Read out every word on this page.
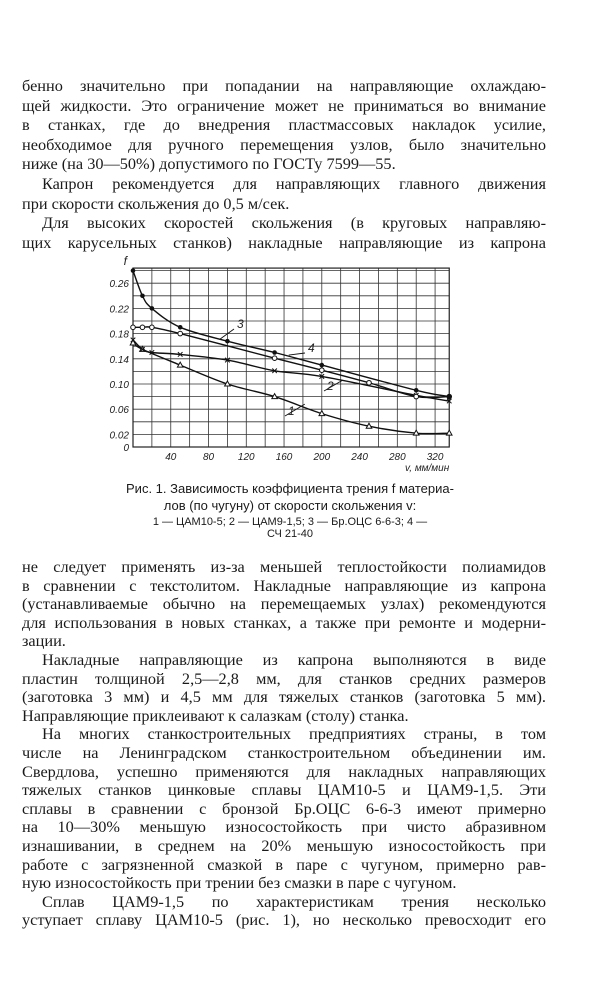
бенно значительно при попадании на направляющие охлаждаю-
щей жидкости. Это ограничение может не приниматься во внимание
в станках, где до внедрения пластмассовых накладок усилие,
необходимое для ручного перемещения узлов, было значительно
ниже (на 30—50%) допустимого по ГОСТу 7599—55.
Капрон рекомендуется для направляющих главного движения
при скорости скольжения до 0,5 м/сек.
Для высоких скоростей скольжения (в круговых направляю-
щих карусельных станков) накладные направляющие из капрона
0
0.02
0.06
0.10
0.14
0.18
0.22
0.26
40	80 120 160 200 240 280 320
f
v, мм/мин
1
2
3
4
Рис. 1. Зависимость коэффициента трения f материа-
лов (по чугуну) от скорости скольжения v:
1 — ЦАМ10-5; 2 — ЦАМ9-1,5; 3 — Бр.ОЦС 6-6-3; 4 —
СЧ 21-40
не следует применять из-за меньшей теплостойкости полиамидов
в сравнении с текстолитом. Накладные направляющие из капрона
(устанавливаемые обычно на перемещаемых узлах) рекомендуются
для использования в новых станках, а также при ремонте и модерни-
зации.
Накладные направляющие из капрона выполняются в виде
пластин толщиной 2,5—2,8 мм, для станков средних размеров
(заготовка 3 мм) и 4,5 мм для тяжелых станков (заготовка 5 мм).
Направляющие приклеивают к салазкам (столу) станка.
На многих станкостроительных предприятиях страны, в том
числе на Ленинградском станкостроительном объединении им.
Свердлова, успешно применяются для накладных направляющих
тяжелых станков цинковые сплавы ЦАМ10-5 и ЦАМ9-1,5. Эти
сплавы в сравнении с бронзой Бр.ОЦС 6-6-3 имеют примерно
на 10—30% меньшую износостойкость при чисто абразивном
изнашивании, в среднем на 20% меньшую износостойкость при
работе с загрязненной смазкой в паре с чугуном, примерно рав-
ную износостойкость при трении без смазки в паре с чугуном.
Сплав ЦАМ9-1,5 по характеристикам трения несколько
уступает сплаву ЦАМ10-5 (рис. 1), но несколько превосходит его
